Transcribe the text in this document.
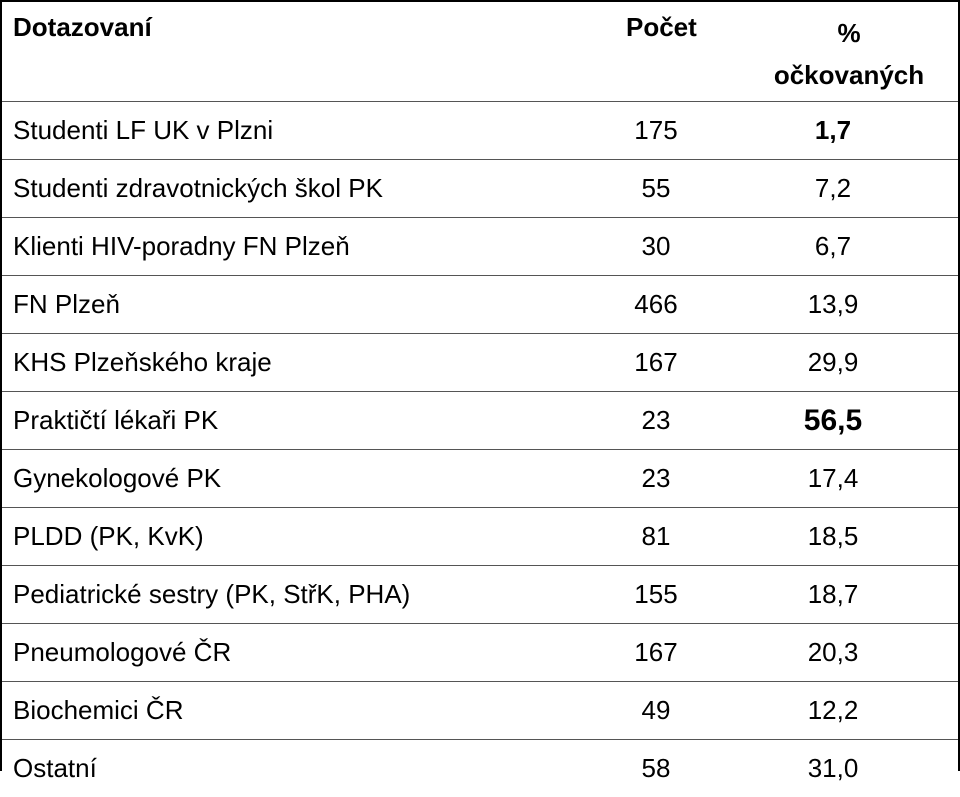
Dotazovaní	Počet	%
očkovaných

Studenti LF UK v Plzni	175	1,7
Studenti zdravotnických škol PK	55	7,2
Klienti HIV-poradny FN Plzeň	30	6,7
FN Plzeň	466	13,9
KHS Plzeňského kraje	167	29,9
Praktičtí lékaři PK	23	56,5
Gynekologové PK	23	17,4
PLDD (PK, KvK)	81	18,5
Pediatrické sestry (PK, StřK, PHA)	155	18,7
Pneumologové ČR	167	20,3
Biochemici ČR	49	12,2
Ostatní	58	31,0
